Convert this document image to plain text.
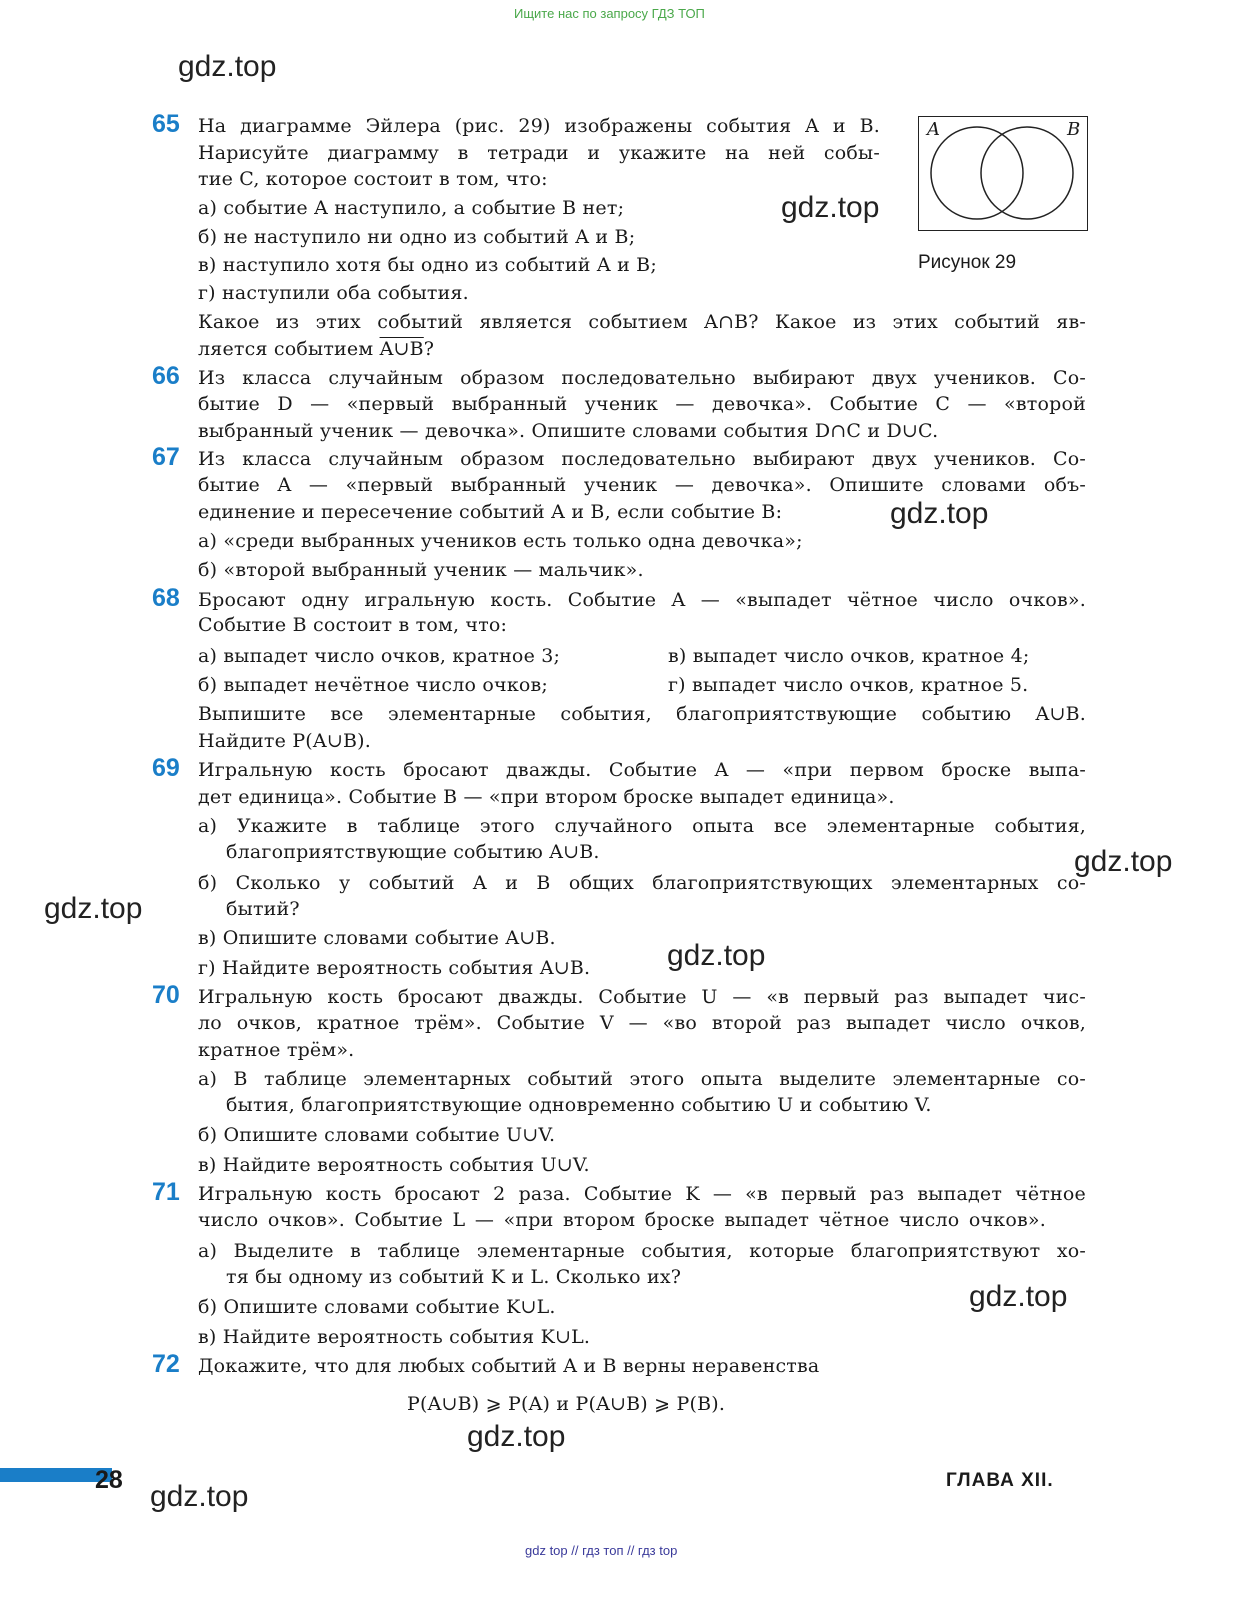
Ищите нас по запросу ГДЗ ТОП
gdz.top
gdz.top
gdz.top
gdz.top
gdz.top
gdz.top
gdz.top
gdz.top
gdz.top
A	B
Рисунок 29
65 На диаграмме Эйлера (рис. 29) изображены события A и B.
Нарисуйте диаграмму в тетради и укажите на ней собы-
тие C, которое состоит в том, что:
а) событие A наступило, а событие B нет;
б) не наступило ни одно из событий A и B;
в) наступило хотя бы одно из событий A и B;
г) наступили оба события.
Какое из этих событий является событием A∩B? Какое из этих событий яв-
ляется событием A∪B?
66 Из класса случайным образом последовательно выбирают двух учеников. Со-
бытие D — «первый выбранный ученик — девочка». Событие C — «второй
выбранный ученик — девочка». Опишите словами события D∩C и D∪C.
67 Из класса случайным образом последовательно выбирают двух учеников. Со-
бытие A — «первый выбранный ученик — девочка». Опишите словами объ-
единение и пересечение событий A и B, если событие B:
а) «среди выбранных учеников есть только одна девочка»;
б) «второй выбранный ученик — мальчик».
68 Бросают одну игральную кость. Событие A — «выпадет чётное число очков».
Событие B состоит в том, что:
а) выпадет число очков, кратное 3;
б) выпадет нечётное число очков;
в) выпадет число очков, кратное 4;
г) выпадет число очков, кратное 5.
Выпишите все элементарные события, благоприятствующие событию A∪B.
Найдите P(A∪B).
69 Игральную кость бросают дважды. Событие A — «при первом броске выпа-
дет единица». Событие B — «при втором броске выпадет единица».
а) Укажите в таблице этого случайного опыта все элементарные события,
благоприятствующие событию A∪B.
б) Сколько у событий A и B общих благоприятствующих элементарных со-
бытий?
в) Опишите словами событие A∪B.
г) Найдите вероятность события A∪B.
70 Игральную кость бросают дважды. Событие U — «в первый раз выпадет чис-
ло очков, кратное трём». Событие V — «во второй раз выпадет число очков,
кратное трём».
а) В таблице элементарных событий этого опыта выделите элементарные со-
бытия, благоприятствующие одновременно событию U и событию V.
б) Опишите словами событие U∪V.
в) Найдите вероятность события U∪V.
71 Игральную кость бросают 2 раза. Событие K — «в первый раз выпадет чётное
число очков». Событие L — «при втором броске выпадет чётное число очков».
а) Выделите в таблице элементарные события, которые благоприятствуют хо-
тя бы одному из событий K и L. Сколько их?
б) Опишите словами событие K∪L.
в) Найдите вероятность события K∪L.
72 Докажите, что для любых событий A и B верны неравенства
P(A∪B) ⩾ P(A) и P(A∪B) ⩾ P(B).
28	ГЛАВА XII.
gdz top // гдз топ // гдз top
